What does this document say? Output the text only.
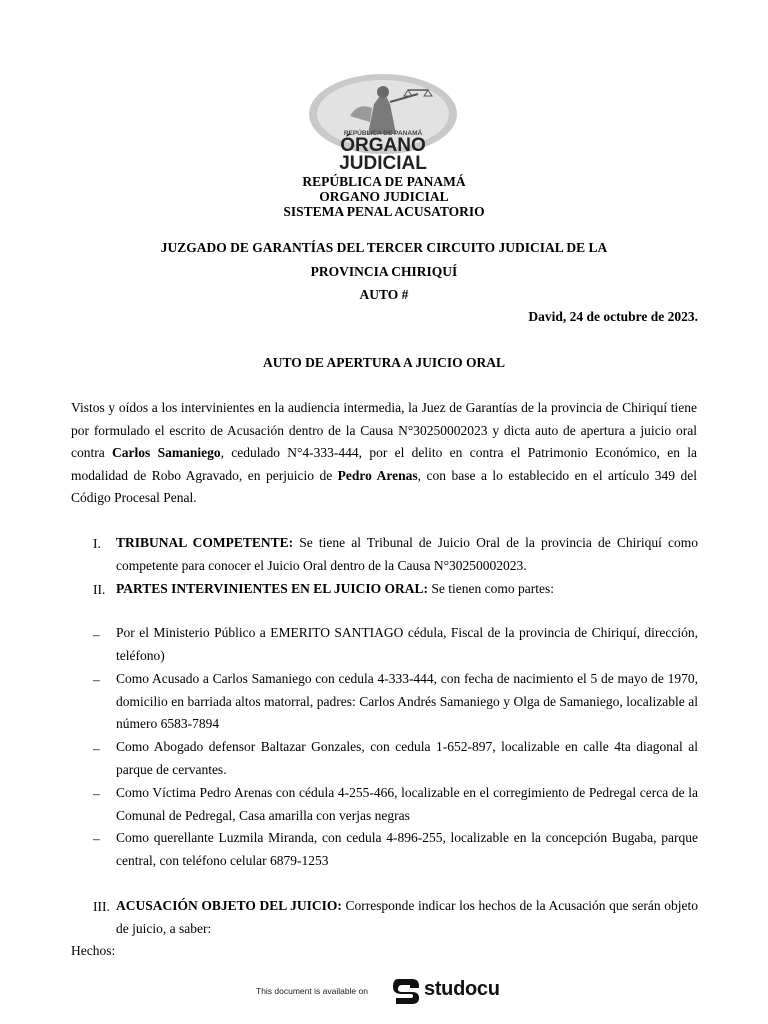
REPÚBLICA DE PANAMÁ
ÓRGANO
JUDICIAL
REPÚBLICA DE PANAMÁ
ORGANO JUDICIAL
SISTEMA PENAL ACUSATORIO
JUZGADO DE GARANTÍAS DEL TERCER CIRCUITO JUDICIAL DE LA
PROVINCIA CHIRIQUÍ
AUTO #
David, 24 de octubre de 2023.
AUTO DE APERTURA A JUICIO ORAL
Vistos y oídos a los intervinientes en la audiencia intermedia, la Juez de Garantías de la provincia de Chiriquí tiene por formulado el escrito de Acusación dentro de la Causa N°30250002023 y dicta auto de apertura a juicio oral contra Carlos Samaniego, cedulado N°4-333-444, por el delito en contra el Patrimonio Económico, en la modalidad de Robo Agravado, en perjuicio de Pedro Arenas, con base a lo establecido en el artículo 349 del Código Procesal Penal.
I. TRIBUNAL COMPETENTE: Se tiene al Tribunal de Juicio Oral de la provincia de Chiriquí como competente para conocer el Juicio Oral dentro de la Causa N°30250002023.
II. PARTES INTERVINIENTES EN EL JUICIO ORAL: Se tienen como partes:
– Por el Ministerio Público a EMERITO SANTIAGO cédula, Fiscal de la provincia de Chiriquí, dirección, teléfono)
– Como Acusado a Carlos Samaniego con cedula 4-333-444, con fecha de nacimiento el 5 de mayo de 1970, domicilio en barriada altos matorral, padres: Carlos Andrés Samaniego y Olga de Samaniego, localizable al número 6583-7894
– Como Abogado defensor Baltazar Gonzales, con cedula 1-652-897, localizable en calle 4ta diagonal al parque de cervantes.
– Como Víctima Pedro Arenas con cédula 4-255-466, localizable en el corregimiento de Pedregal cerca de la Comunal de Pedregal, Casa amarilla con verjas negras
– Como querellante Luzmila Miranda, con cedula 4-896-255, localizable en la concepción Bugaba, parque central, con teléfono celular 6879-1253
III. ACUSACIÓN OBJETO DEL JUICIO: Corresponde indicar los hechos de la Acusación que serán objeto de juicio, a saber:
Hechos:
This document is available on	studocu
